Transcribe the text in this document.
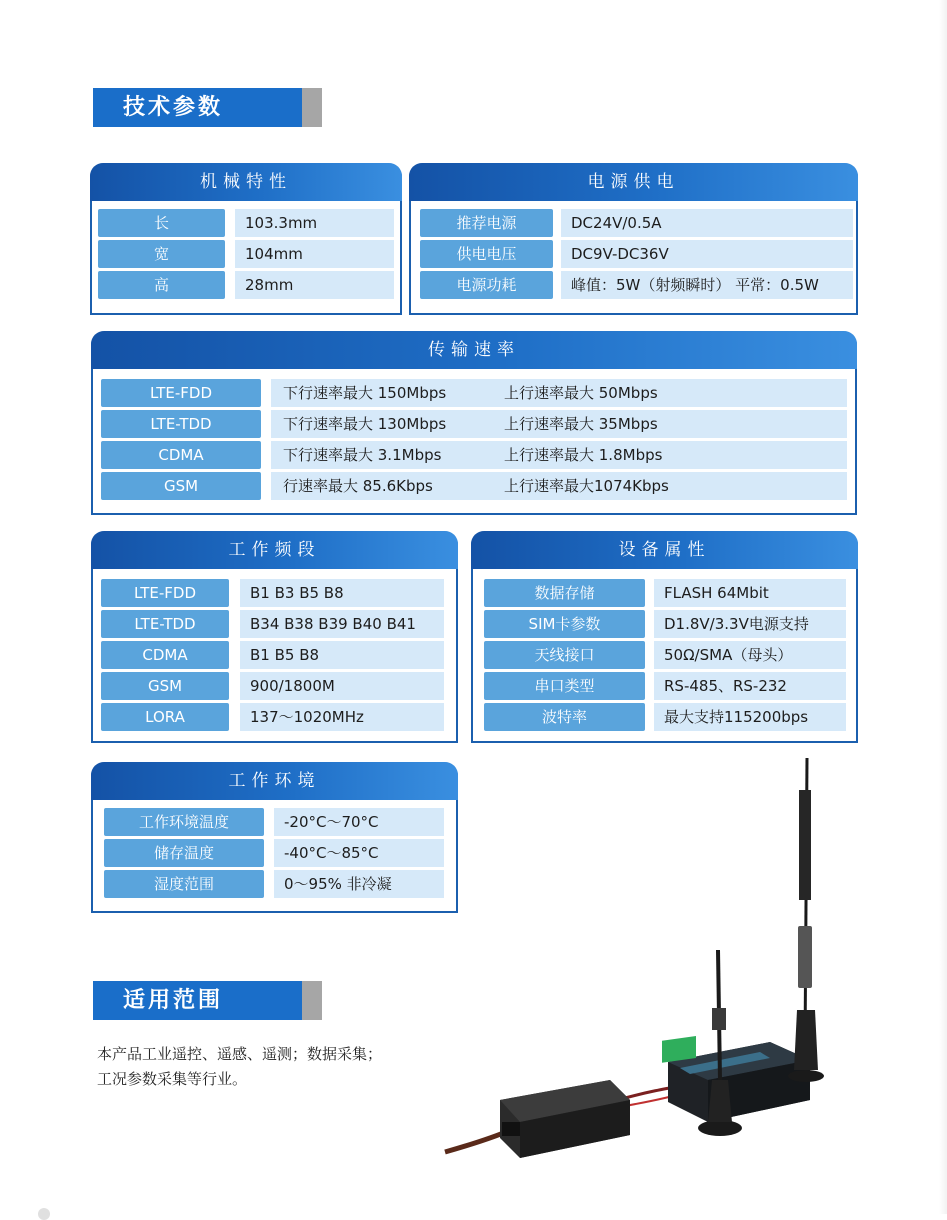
技术参数
机械特性
长	103.3mm
宽	104mm
高	28mm
电源供电
推荐电源	DC24V/0.5A
供电电压	DC9V-DC36V
电源功耗	峰值：5W（射频瞬时） 平常：0.5W
传输速率
LTE-FDD	下行速率最大 150Mbps	上行速率最大 50Mbps
LTE-TDD	下行速率最大 130Mbps	上行速率最大 35Mbps
CDMA	下行速率最大 3.1Mbps	上行速率最大 1.8Mbps
GSM	行速率最大 85.6Kbps	上行速率最大1074Kbps
工作频段
LTE-FDD	B1 B3 B5 B8
LTE-TDD	B34 B38 B39 B40 B41
CDMA	B1 B5 B8
GSM	900/1800M
LORA	137～1020MHz
设备属性
数据存储	FLASH 64Mbit
SIM卡参数	D1.8V/3.3V电源支持
天线接口	50Ω/SMA（母头）
串口类型	RS-485、RS-232
波特率	最大支持115200bps
工作环境
工作环境温度	-20°C～70°C
储存温度	-40°C～85°C
湿度范围	0～95% 非冷凝
适用范围
本产品工业遥控、遥感、遥测；数据采集；
工况参数采集等行业。
